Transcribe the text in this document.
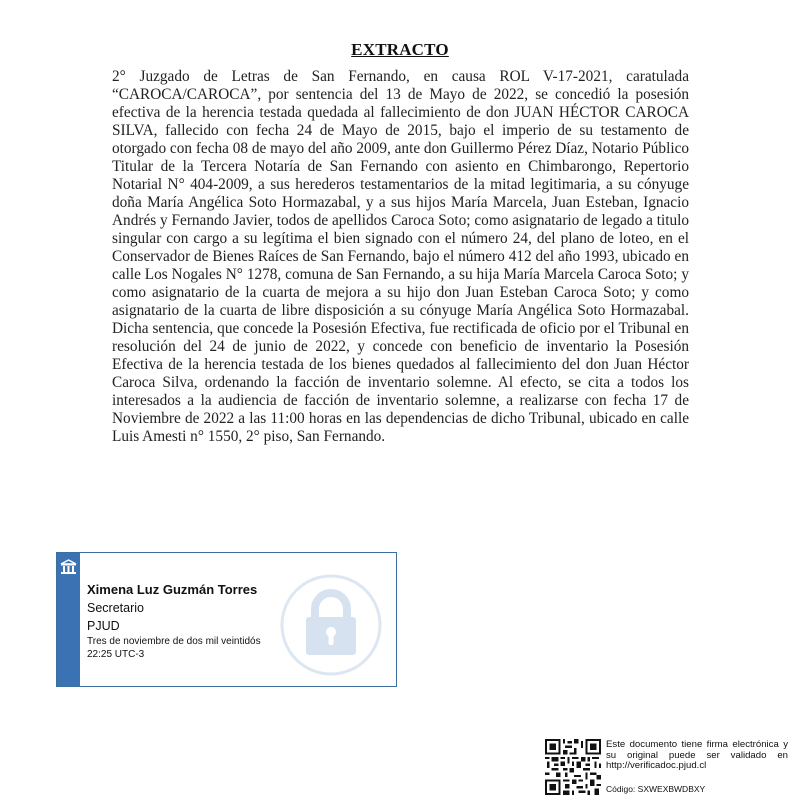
EXTRACTO
2° Juzgado de Letras de San Fernando, en causa ROL V-17-2021, caratulada “CAROCA/CAROCA”, por sentencia del 13 de Mayo de 2022, se concedió la posesión efectiva de la herencia testada quedada al fallecimiento de don JUAN HÉCTOR CAROCA SILVA, fallecido con fecha 24 de Mayo de 2015, bajo el imperio de su testamento de otorgado con fecha 08 de mayo del año 2009, ante don Guillermo Pérez Díaz, Notario Público Titular de la Tercera Notaría de San Fernando con asiento en Chimbarongo, Repertorio Notarial N° 404-2009, a sus herederos testamentarios de la mitad legitimaria, a su cónyuge doña María Angélica Soto Hormazabal, y a sus hijos María Marcela, Juan Esteban, Ignacio Andrés y Fernando Javier, todos de apellidos Caroca Soto; como asignatario de legado a titulo singular con cargo a su legítima el bien signado con el número 24, del plano de loteo, en el Conservador de Bienes Raíces de San Fernando, bajo el número 412 del año 1993, ubicado en calle Los Nogales N° 1278, comuna de San Fernando, a su hija María Marcela Caroca Soto; y como asignatario de la cuarta de mejora a su hijo don Juan Esteban Caroca Soto; y como asignatario de la cuarta de libre disposición a su cónyuge María Angélica Soto Hormazabal. Dicha sentencia, que concede la Posesión Efectiva, fue rectificada de oficio por el Tribunal en resolución del 24 de junio de 2022, y concede con beneficio de inventario la Posesión Efectiva de la herencia testada de los bienes quedados al fallecimiento del don Juan Héctor Caroca Silva, ordenando la facción de inventario solemne. Al efecto, se cita a todos los interesados a la audiencia de facción de inventario solemne, a realizarse con fecha 17 de Noviembre de 2022 a las 11:00 horas en las dependencias de dicho Tribunal, ubicado en calle Luis Amesti n° 1550, 2° piso, San Fernando.
Ximena Luz Guzmán Torres
Secretario
PJUD
Tres de noviembre de dos mil veintidós
22:25 UTC-3
Este documento tiene firma electrónica y su original puede ser validado en http://verificadoc.pjud.cl
Código: SXWEXBWDBXY
